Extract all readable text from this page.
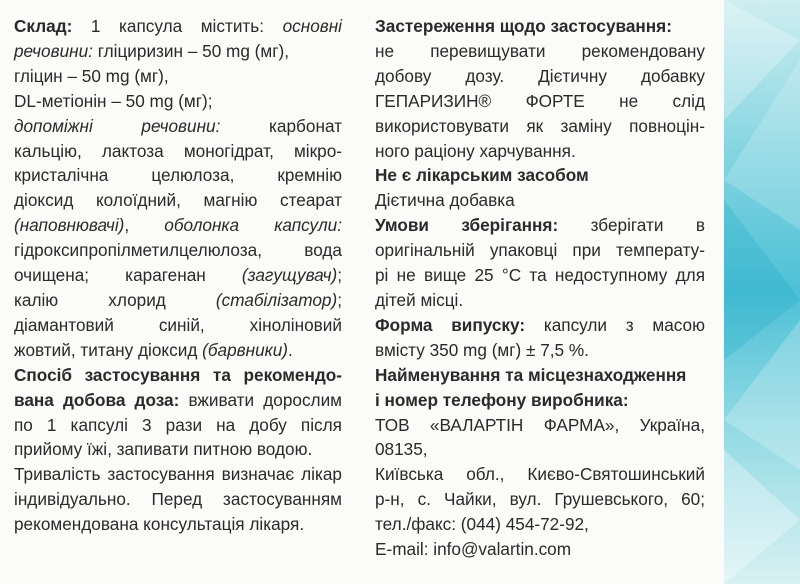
Склад: 1 капсула містить: основні

речовини: гліциризин – 50 mg (мг),

гліцин – 50 mg (мг),

DL-метіонін – 50 mg (мг);

допоміжні речовини: карбонат

кальцію, лактоза моногідрат, мікро-

кристалічна целюлоза, кремнію

діоксид колоїдний, магнію стеарат

(наповнювачі), оболонка капсули:

гідроксипропілметилцелюлоза, вода

очищена; карагенан (загущувач);

калію хлорид (стабілізатор);

діамантовий синій, хіноліновий

жовтий, титану діоксид (барвники).

Спосіб застосування та рекомендо-

вана добова доза: вживати дорослим

по 1 капсулі 3 рази на добу після

прийому їжі, запивати питною водою.

Тривалість застосування визначає лікар

індивідуально. Перед застосуванням

рекомендована консультація лікаря.

Застереження щодо застосування:

не перевищувати рекомендовану

добову дозу. Дієтичну добавку

ГЕПАРИЗИН® ФОРТЕ не слід

використовувати як заміну повноцін-

ного раціону харчування.

Не є лікарським засобом

Дієтична добавка

Умови зберігання: зберігати в

оригінальній упаковці при температу-

рі не вище 25 °C та недоступному для

дітей місці.

Форма випуску: капсули з масою

вмісту 350 mg (мг) ± 7,5 %.

Найменування та місцезнаходження

і номер телефону виробника:

ТОВ «ВАЛАРТІН ФАРМА», Україна, 08135,

Київська обл., Києво-Святошинський

р-н, с. Чайки, вул. Грушевського, 60;

тел./факс: (044) 454-72-92,

E-mail: info@valartin.com
